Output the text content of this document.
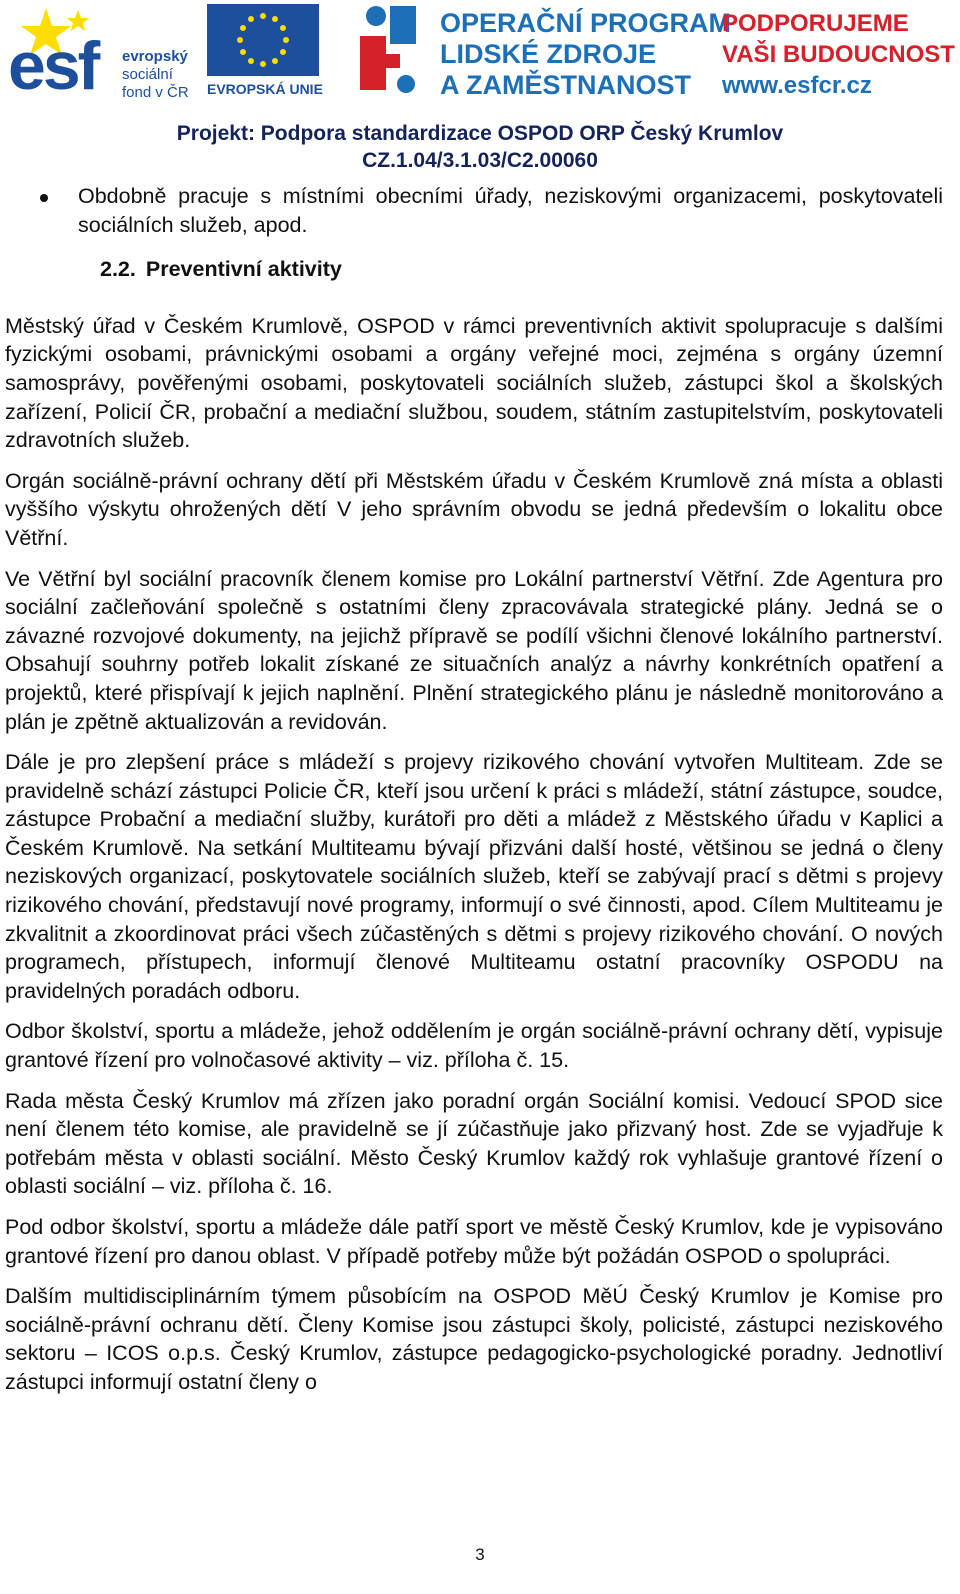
esf evropský
sociální
fond v ČR EVROPSKÁ UNIE
OPERAČNÍ PROGRAM
LIDSKÉ ZDROJE
A ZAMĚSTNANOST
PODPORUJEME
VAŠI BUDOUCNOST
www.esfcr.cz
Projekt: Podpora standardizace OSPOD ORP Český Krumlov
CZ.1.04/3.1.03/C2.00060
Obdobně pracuje s místními obecními úřady, neziskovými organizacemi, poskytovateli sociálních služeb, apod.
2.2. Preventivní aktivity

Městský úřad v Českém Krumlově, OSPOD v rámci preventivních aktivit spolupracuje s dalšími fyzickými osobami, právnickými osobami a orgány veřejné moci, zejména s orgány územní samosprávy, pověřenými osobami, poskytovateli sociálních služeb, zástupci škol a školských zařízení, Policií ČR, probační a mediační službou, soudem, státním zastupitelstvím, poskytovateli zdravotních služeb.

Orgán sociálně-právní ochrany dětí při Městském úřadu v Českém Krumlově zná místa a oblasti vyššího výskytu ohrožených dětí V jeho správním obvodu se jedná především o lokalitu obce Větřní.

Ve Větřní byl sociální pracovník členem komise pro Lokální partnerství Větřní. Zde Agentura pro sociální začleňování společně s ostatními členy zpracovávala strategické plány. Jedná se o závazné rozvojové dokumenty, na jejichž přípravě se podílí všichni členové lokálního partnerství. Obsahují souhrny potřeb lokalit získané ze situačních analýz a návrhy konkrétních opatření a projektů, které přispívají k jejich naplnění. Plnění strategického plánu je následně monitorováno a plán je zpětně aktualizován a revidován.

Dále je pro zlepšení práce s mládeží s projevy rizikového chování vytvořen Multiteam. Zde se pravidelně schází zástupci Policie ČR, kteří jsou určení k práci s mládeží, státní zástupce, soudce, zástupce Probační a mediační služby, kurátoři pro děti a mládež z Městského úřadu v Kaplici a Českém Krumlově. Na setkání Multiteamu bývají přizváni další hosté, většinou se jedná o členy neziskových organizací, poskytovatele sociálních služeb, kteří se zabývají prací s dětmi s projevy rizikového chování, představují nové programy, informují o své činnosti, apod. Cílem Multiteamu je zkvalitnit a zkoordinovat práci všech zúčastěných s dětmi s projevy rizikového chování. O nových programech, přístupech, informují členové Multiteamu ostatní pracovníky OSPODU na pravidelných poradách odboru.

Odbor školství, sportu a mládeže, jehož oddělením je orgán sociálně-právní ochrany dětí, vypisuje grantové řízení pro volnočasové aktivity – viz. příloha č. 15.

Rada města Český Krumlov má zřízen jako poradní orgán Sociální komisi. Vedoucí SPOD sice není členem této komise, ale pravidelně se jí zúčastňuje jako přizvaný host. Zde se vyjadřuje k potřebám města v oblasti sociální. Město Český Krumlov každý rok vyhlašuje grantové řízení o oblasti sociální – viz. příloha č. 16.

Pod odbor školství, sportu a mládeže dále patří sport ve městě Český Krumlov, kde je vypisováno grantové řízení pro danou oblast. V případě potřeby může být požádán OSPOD o spolupráci.

Dalším multidisciplinárním týmem působícím na OSPOD MěÚ Český Krumlov je Komise pro sociálně-právní ochranu dětí. Členy Komise jsou zástupci školy, policisté, zástupci neziskového sektoru – ICOS o.p.s. Český Krumlov, zástupce pedagogicko-psychologické poradny. Jednotliví zástupci informují ostatní členy o

3
